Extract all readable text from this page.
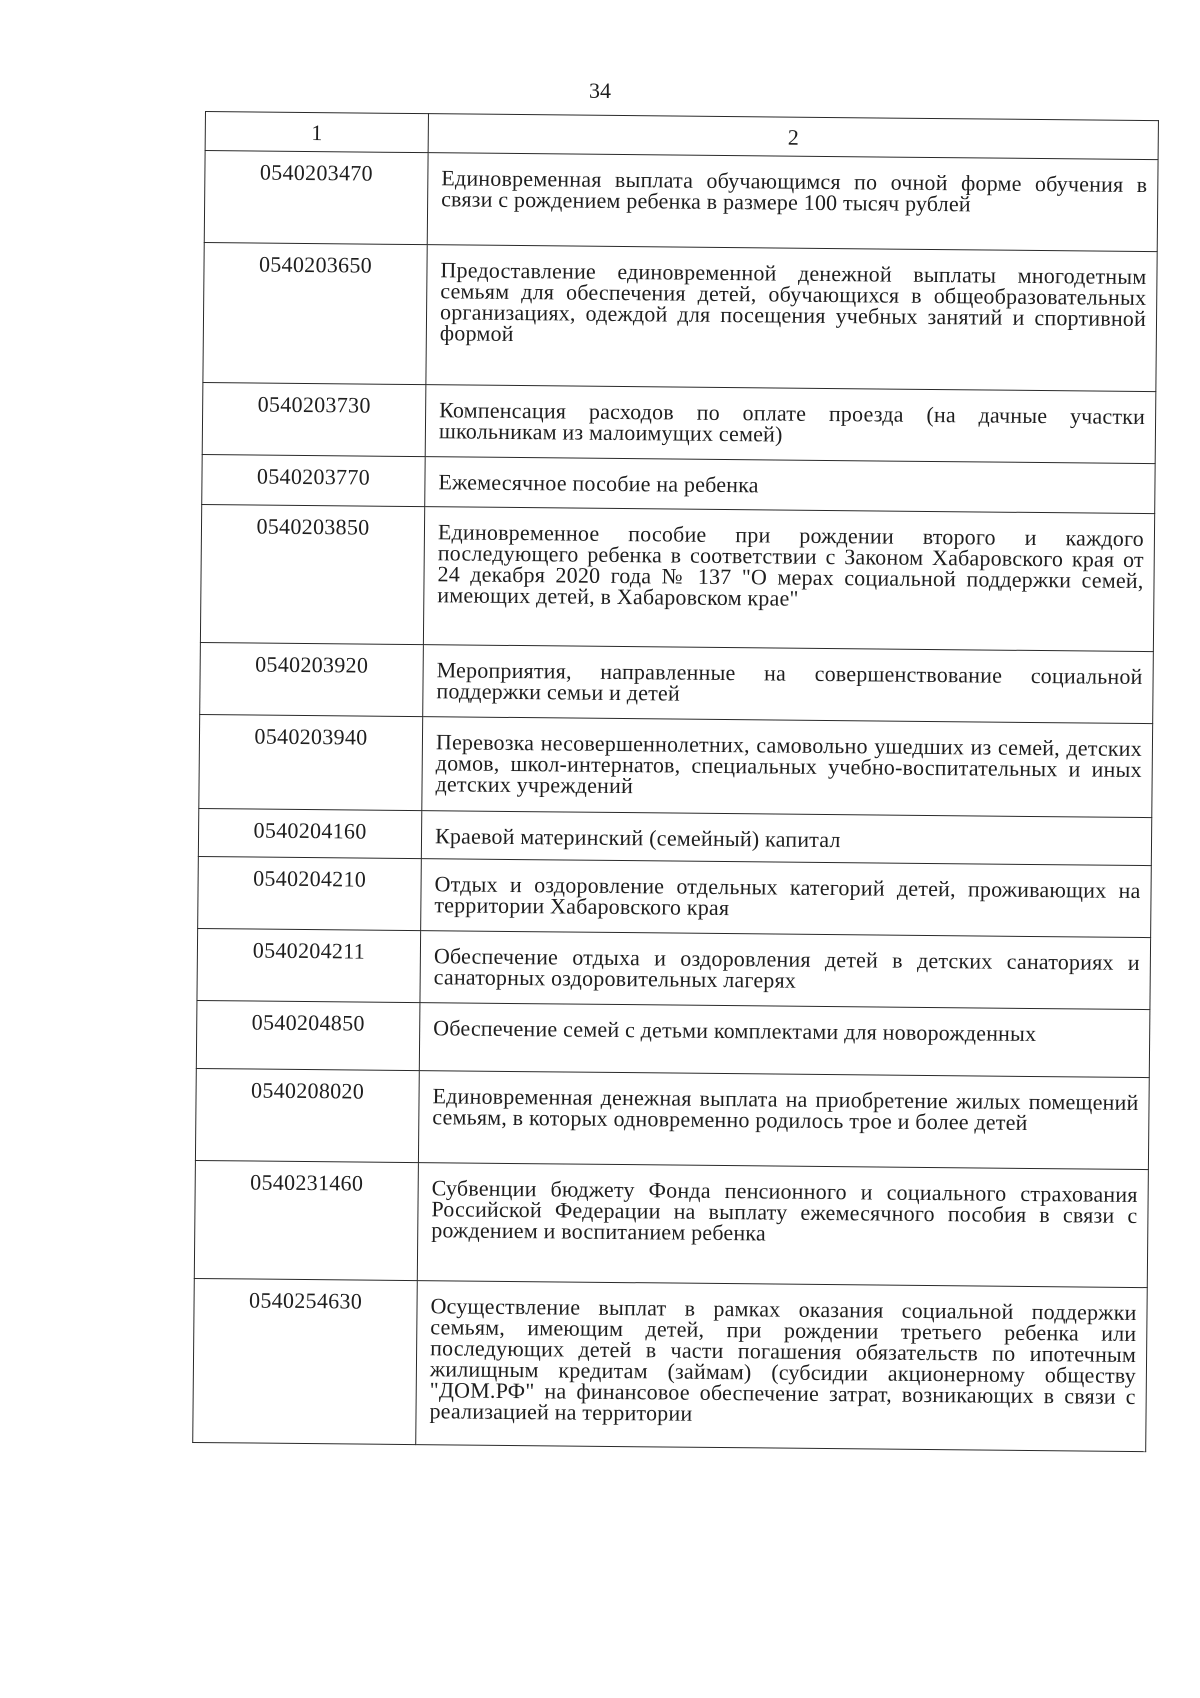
34
1	2
0540203470	Единовременная выплата обучающимся по очной форме обучения в связи с рождением ребенка в размере 100 тысяч рублей
0540203650	Предоставление единовременной денежной выплаты многодетным семьям для обеспечения детей, обучающихся в общеобразовательных организациях, одеждой для посещения учебных занятий и спортивной формой
0540203730	Компенсация расходов по оплате проезда (на дачные участки школьникам из малоимущих семей)
0540203770	Ежемесячное пособие на ребенка
0540203850	Единовременное пособие при рождении второго и каждого последующего ребенка в соответствии с Законом Хабаровского края от 24 декабря 2020 года № 137 "О мерах социальной поддержки семей, имеющих детей, в Хабаровском крае"
0540203920	Мероприятия, направленные на совершенствование социальной поддержки семьи и детей
0540203940	Перевозка несовершеннолетних, самовольно ушедших из семей, детских домов, школ-интернатов, специальных учебно-воспитательных и иных детских учреждений
0540204160	Краевой материнский (семейный) капитал
0540204210	Отдых и оздоровление отдельных категорий детей, проживающих на территории Хабаровского края
0540204211	Обеспечение отдыха и оздоровления детей в детских санаториях и санаторных оздоровительных лагерях
0540204850	Обеспечение семей с детьми комплектами для новорожденных
0540208020	Единовременная денежная выплата на приобретение жилых помещений семьям, в которых одновременно родилось трое и более детей
0540231460	Субвенции бюджету Фонда пенсионного и социального страхования Российской Федерации на выплату ежемесячного пособия в связи с рождением и воспитанием ребенка
0540254630	Осуществление выплат в рамках оказания социальной поддержки семьям, имеющим детей, при рождении третьего ребенка или последующих детей в части погашения обязательств по ипотечным жилищным кредитам (займам) (субсидии акционерному обществу "ДОМ.РФ" на финансовое обеспечение затрат, возникающих в связи с реализацией на территории
